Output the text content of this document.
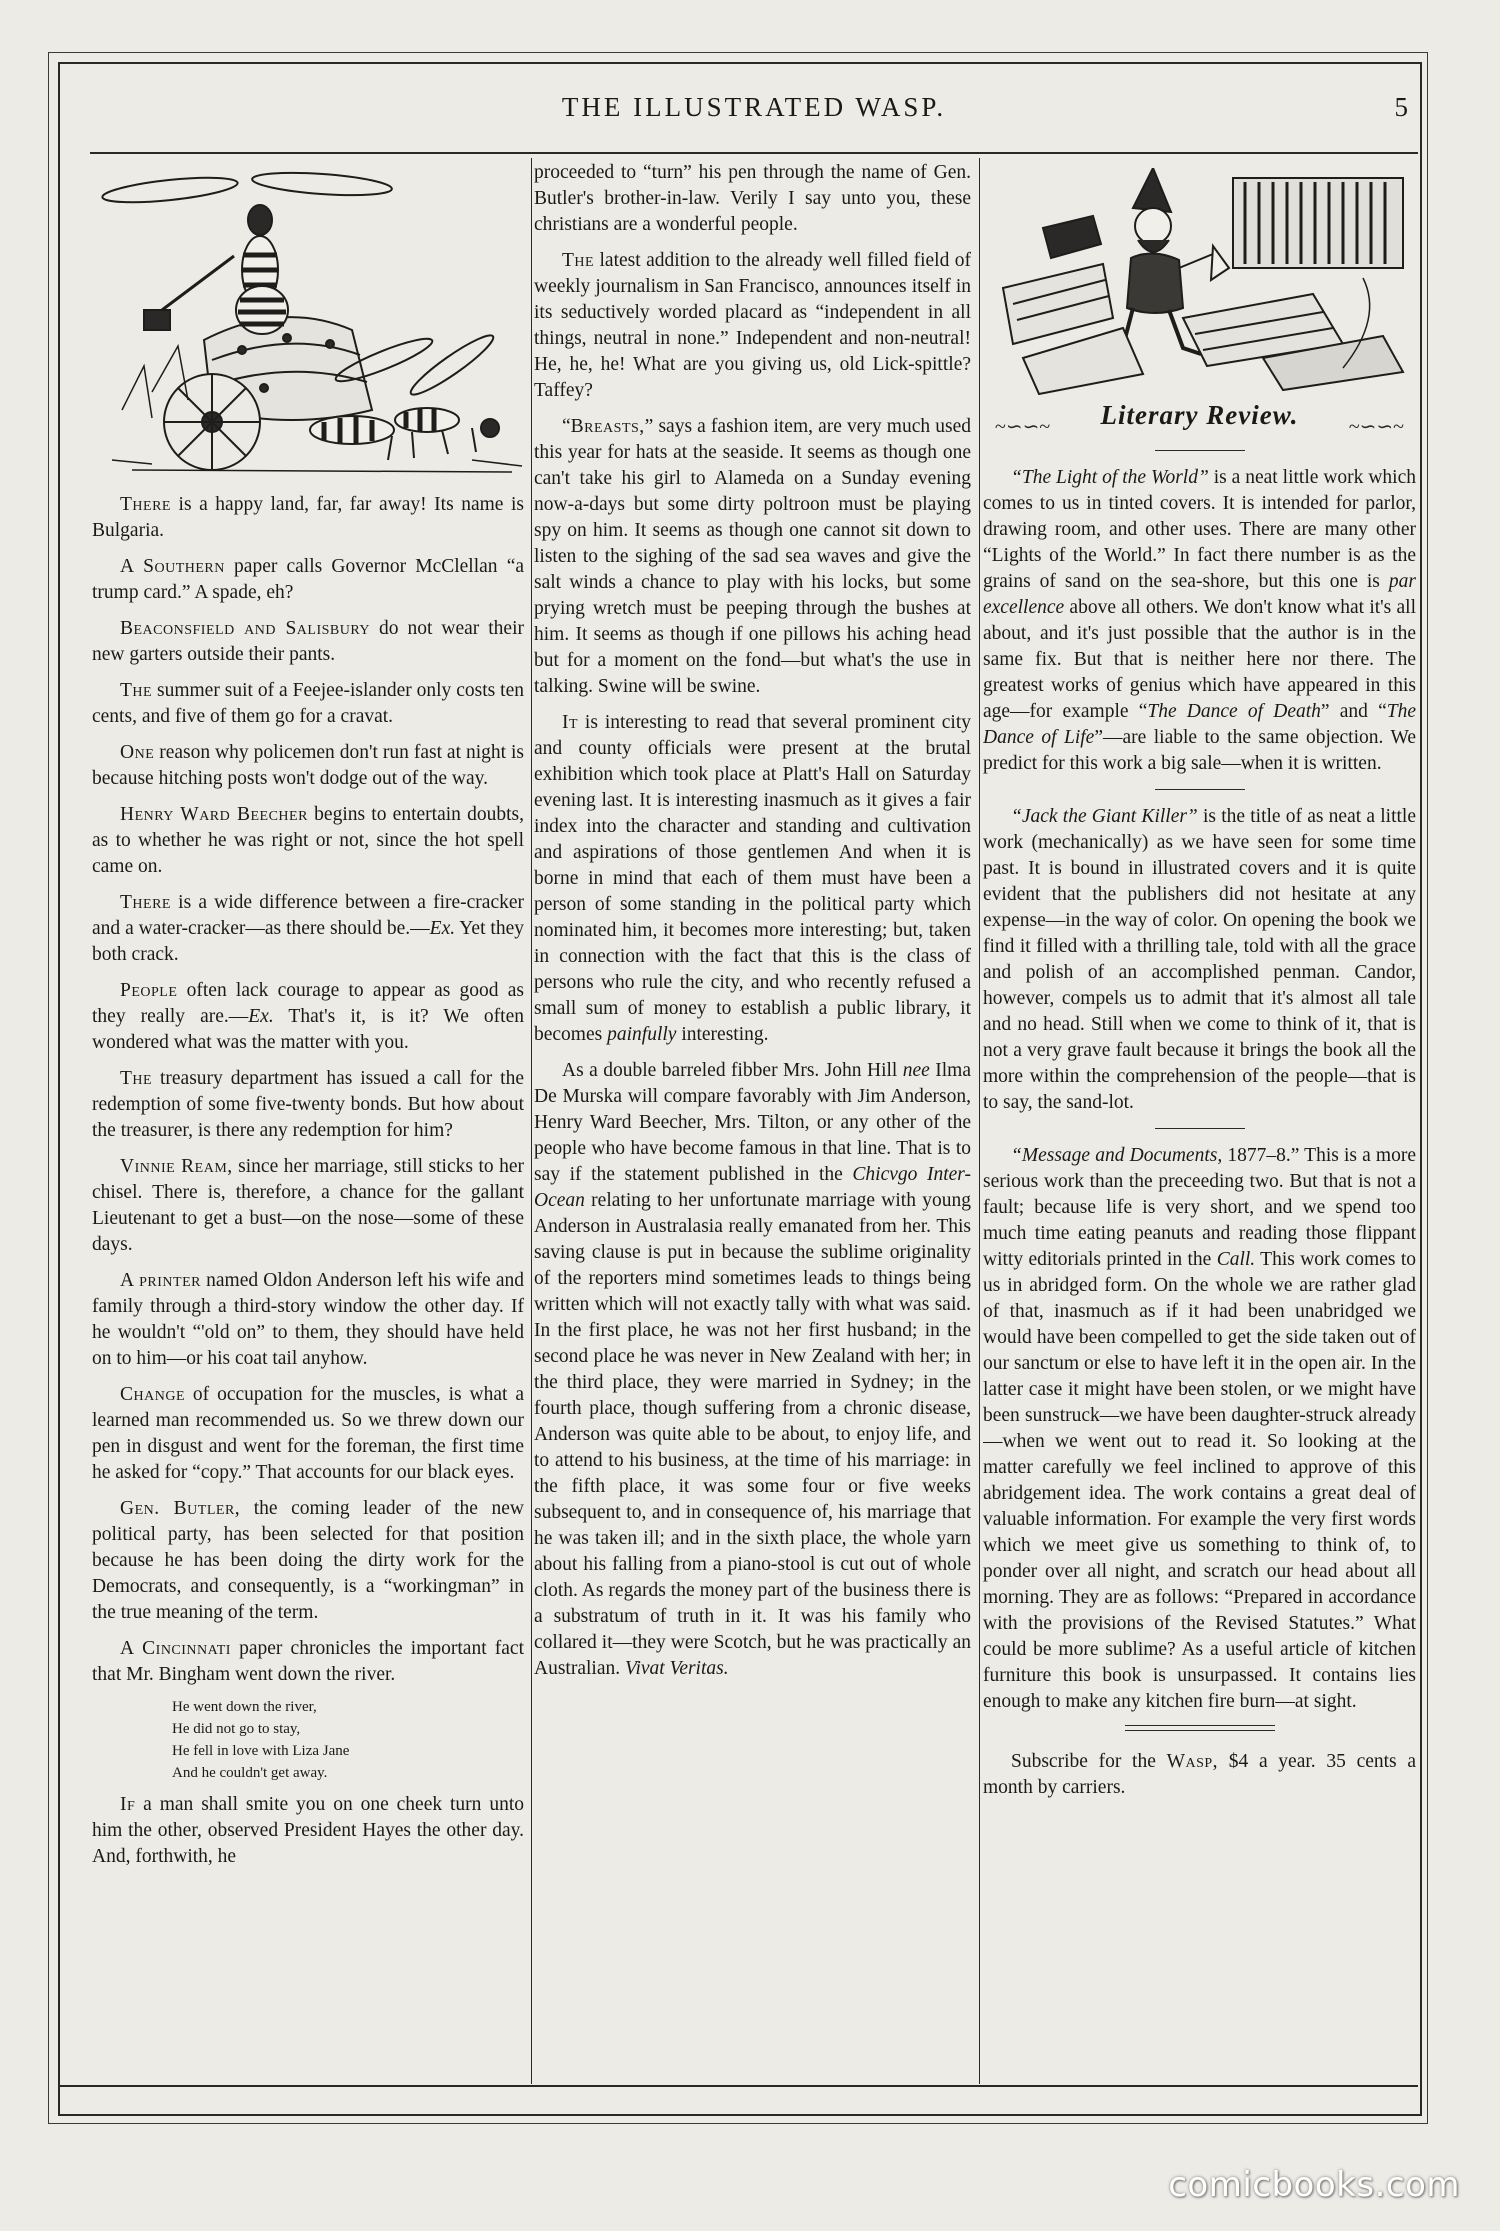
THE ILLUSTRATED WASP.	5

There is a happy land, far, far away! Its name is Bulgaria.

A Southern paper calls Governor McClellan “a trump card.” A spade, eh?

Beaconsfield and Salisbury do not wear their new garters outside their pants.

The summer suit of a Feejee-islander only costs ten cents, and five of them go for a cravat.

One reason why policemen don't run fast at night is because hitching posts won't dodge out of the way.

Henry Ward Beecher begins to entertain doubts, as to whether he was right or not, since the hot spell came on.

There is a wide difference between a fire-cracker and a water-cracker—as there should be.—Ex. Yet they both crack.

People often lack courage to appear as good as they really are.—Ex. That's it, is it? We often wondered what was the matter with you.

The treasury department has issued a call for the redemption of some five-twenty bonds. But how about the treasurer, is there any redemption for him?

Vinnie Ream, since her marriage, still sticks to her chisel. There is, therefore, a chance for the gallant Lieutenant to get a bust—on the nose—some of these days.

A printer named Oldon Anderson left his wife and family through a third-story window the other day. If he wouldn't “'old on” to them, they should have held on to him—or his coat tail anyhow.

Change of occupation for the muscles, is what a learned man recommended us. So we threw down our pen in disgust and went for the foreman, the first time he asked for “copy.” That accounts for our black eyes.

Gen. Butler, the coming leader of the new political party, has been selected for that position because he has been doing the dirty work for the Democrats, and consequently, is a “workingman” in the true meaning of the term.

A Cincinnati paper chronicles the important fact that Mr. Bingham went down the river.

He went down the river,
He did not go to stay,
He fell in love with Liza Jane
And he couldn't get away.

If a man shall smite you on one cheek turn unto him the other, observed President Hayes the other day. And, forthwith, he

proceeded to “turn” his pen through the name of Gen. Butler's brother-in-law. Verily I say unto you, these christians are a wonderful people.

The latest addition to the already well filled field of weekly journalism in San Francisco, announces itself in its seductively worded placard as “independent in all things, neutral in none.” Independent and non-neutral! He, he, he! What are you giving us, old Lick-spittle? Taffey?

“Breasts,” says a fashion item, are very much used this year for hats at the seaside. It seems as though one can't take his girl to Alameda on a Sunday evening now-a-days but some dirty poltroon must be playing spy on him. It seems as though one cannot sit down to listen to the sighing of the sad sea waves and give the salt winds a chance to play with his locks, but some prying wretch must be peeping through the bushes at him. It seems as though if one pillows his aching head but for a moment on the fond—but what's the use in talking. Swine will be swine.

It is interesting to read that several prominent city and county officials were present at the brutal exhibition which took place at Platt's Hall on Saturday evening last. It is interesting inasmuch as it gives a fair index into the character and standing and cultivation and aspirations of those gentlemen And when it is borne in mind that each of them must have been a person of some standing in the political party which nominated him, it becomes more interesting; but, taken in connection with the fact that this is the class of persons who rule the city, and who recently refused a small sum of money to establish a public library, it becomes painfully interesting.

As a double barreled fibber Mrs. John Hill nee Ilma De Murska will compare favorably with Jim Anderson, Henry Ward Beecher, Mrs. Tilton, or any other of the people who have become famous in that line. That is to say if the statement published in the Chicvgo Inter-Ocean relating to her unfortunate marriage with young Anderson in Australasia really emanated from her. This saving clause is put in because the sublime originality of the reporters mind sometimes leads to things being written which will not exactly tally with what was said. In the first place, he was not her first husband; in the second place he was never in New Zealand with her; in the third place, they were married in Sydney; in the fourth place, though suffering from a chronic disease, Anderson was quite able to be about, to enjoy life, and to attend to his business, at the time of his marriage: in the fifth place, it was some four or five weeks subsequent to, and in consequence of, his marriage that he was taken ill; and in the sixth place, the whole yarn about his falling from a piano-stool is cut out of whole cloth. As regards the money part of the business there is a substratum of truth in it. It was his family who collared it—they were Scotch, but he was practically an Australian. Vivat Veritas.

~∽∽~ Literary Review.	~∽∽~

“The Light of the World” is a neat little work which comes to us in tinted covers. It is intended for parlor, drawing room, and other uses. There are many other “Lights of the World.” In fact there number is as the grains of sand on the sea-shore, but this one is par excellence above all others. We don't know what it's all about, and it's just possible that the author is in the same fix. But that is neither here nor there. The greatest works of genius which have appeared in this age—for example “The Dance of Death” and “The Dance of Life”—are liable to the same objection. We predict for this work a big sale—when it is written.

“Jack the Giant Killer” is the title of as neat a little work (mechanically) as we have seen for some time past. It is bound in illustrated covers and it is quite evident that the publishers did not hesitate at any expense—in the way of color. On opening the book we find it filled with a thrilling tale, told with all the grace and polish of an accomplished penman. Candor, however, compels us to admit that it's almost all tale and no head. Still when we come to think of it, that is not a very grave fault because it brings the book all the more within the comprehension of the people—that is to say, the sand-lot.

“Message and Documents, 1877–8.” This is a more serious work than the preceeding two. But that is not a fault; because life is very short, and we spend too much time eating peanuts and reading those flippant witty editorials printed in the Call. This work comes to us in abridged form. On the whole we are rather glad of that, inasmuch as if it had been unabridged we would have been compelled to get the side taken out of our sanctum or else to have left it in the open air. In the latter case it might have been stolen, or we might have been sunstruck—we have been daughter-struck already—when we went out to read it. So looking at the matter carefully we feel inclined to approve of this abridgement idea. The work contains a great deal of valuable information. For example the very first words which we meet give us something to think of, to ponder over all night, and scratch our head about all morning. They are as follows: “Prepared in accordance with the provisions of the Revised Statutes.” What could be more sublime? As a useful article of kitchen furniture this book is unsurpassed. It contains lies enough to make any kitchen fire burn—at sight.

Subscribe for the Wasp, $4 a year. 35 cents a month by carriers.

comicbooks.com
